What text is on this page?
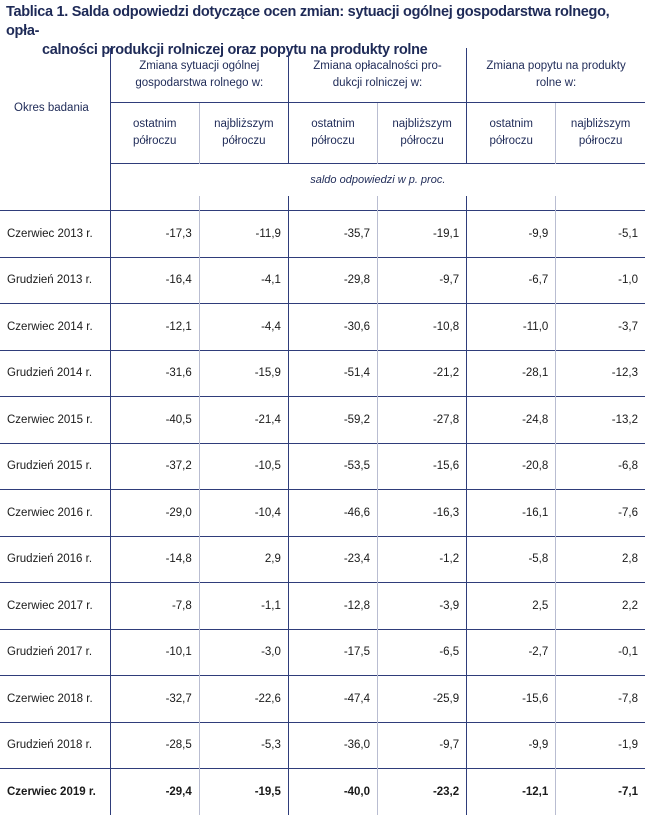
Tablica 1. Salda odpowiedzi dotyczące ocen zmian: sytuacji ogólnej gospodarstwa rolnego, opła-
calności produkcji rolniczej oraz popytu na produkty rolne
Okres badania	Zmiana sytuacji ogólnej gospodarstwa rolnego w:		Zmiana opłacalności pro-dukcji rolniczej w:		Zmiana popytu na produkty rolne w:	
	ostatnim półroczu	najbliższym półroczu	ostatnim półroczu	najbliższym półroczu	ostatnim półroczu	najbliższym półroczu
	saldo odpowiedzi w p. proc.					

Czerwiec 2013 r.	-17,3	-11,9	-35,7	-19,1	-9,9	-5,1
Grudzień 2013 r.	-16,4	-4,1	-29,8	-9,7	-6,7	-1,0
Czerwiec 2014 r.	-12,1	-4,4	-30,6	-10,8	-11,0	-3,7
Grudzień 2014 r.	-31,6	-15,9	-51,4	-21,2	-28,1	-12,3
Czerwiec 2015 r.	-40,5	-21,4	-59,2	-27,8	-24,8	-13,2
Grudzień 2015 r.	-37,2	-10,5	-53,5	-15,6	-20,8	-6,8
Czerwiec 2016 r.	-29,0	-10,4	-46,6	-16,3	-16,1	-7,6
Grudzień 2016 r.	-14,8	2,9	-23,4	-1,2	-5,8	2,8
Czerwiec 2017 r.	-7,8	-1,1	-12,8	-3,9	2,5	2,2
Grudzień 2017 r.	-10,1	-3,0	-17,5	-6,5	-2,7	-0,1
Czerwiec 2018 r.	-32,7	-22,6	-47,4	-25,9	-15,6	-7,8
Grudzień 2018 r.	-28,5	-5,3	-36,0	-9,7	-9,9	-1,9
Czerwiec 2019 r.	-29,4	-19,5	-40,0	-23,2	-12,1	-7,1
